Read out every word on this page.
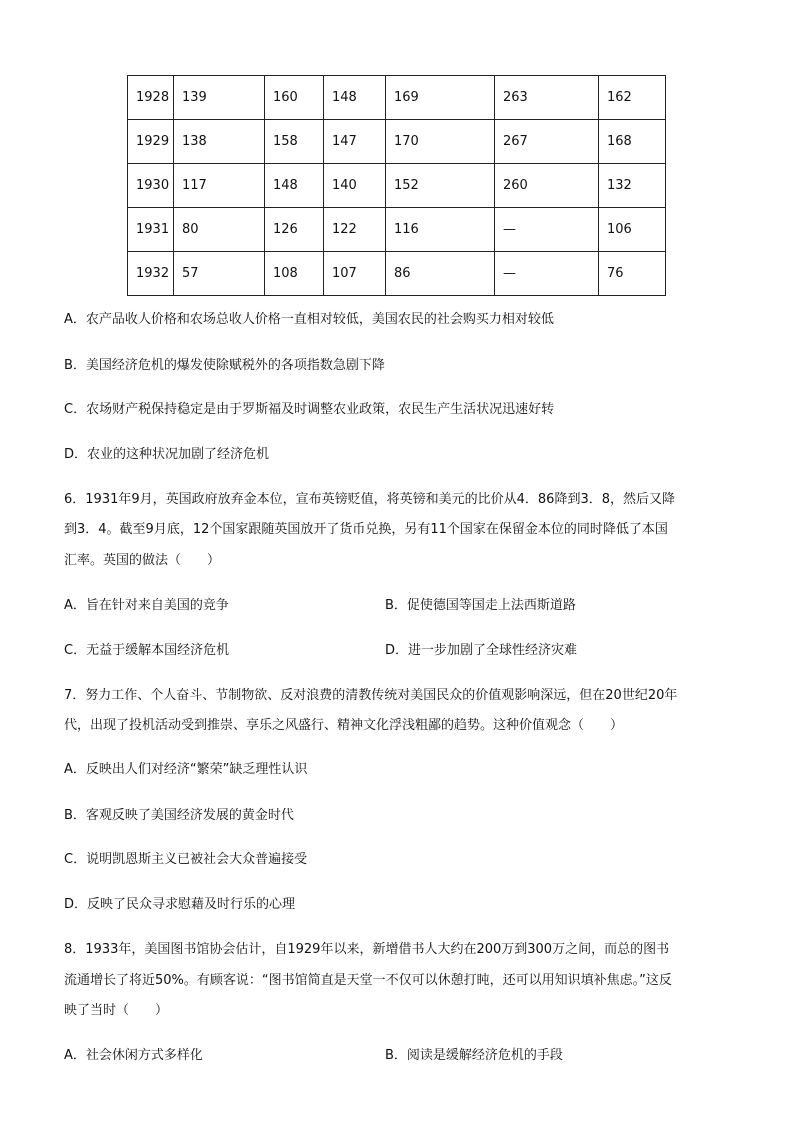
1928	139	160	148	169	263	162
1929	138	158	147	170	267	168
1930	117	148	140	152	260	132
1931	80	126	122	116	—	106
1932	57	108	107	86	—	76
A．农产品收人价格和农场总收人价格一直相对较低，美国农民的社会购买力相对较低
B．美国经济危机的爆发使除赋税外的各项指数急剧下降
C．农场财产税保持稳定是由于罗斯福及时调整农业政策，农民生产生活状况迅速好转
D．农业的这种状况加剧了经济危机
6．1931年9月，英国政府放弃金本位，宣布英镑贬值，将英镑和美元的比价从4．86降到3．8，然后又降
到3．4。截至9月底，12个国家跟随英国放开了货币兑换，另有11个国家在保留金本位的同时降低了本国
汇率。英国的做法（　　）
A．旨在针对来自美国的竞争	B．促使德国等国走上法西斯道路
C．无益于缓解本国经济危机	D．进一步加剧了全球性经济灾难
7．努力工作、个人奋斗、节制物欲、反对浪费的清教传统对美国民众的价值观影响深远，但在20世纪20年
代，出现了投机活动受到推崇、享乐之风盛行、精神文化浮浅粗鄙的趋势。这种价值观念（　　）
A．反映出人们对经济“繁荣”缺乏理性认识
B．客观反映了美国经济发展的黄金时代
C．说明凯恩斯主义已被社会大众普遍接受
D．反映了民众寻求慰藉及时行乐的心理
8．1933年，美国图书馆协会估计，自1929年以来，新增借书人大约在200万到300万之间，而总的图书
流通增长了将近50%。有顾客说：“图书馆简直是天堂一不仅可以休憩打盹，还可以用知识填补焦虑。”这反
映了当时（　　）
A．社会休闲方式多样化	B．阅读是缓解经济危机的手段
